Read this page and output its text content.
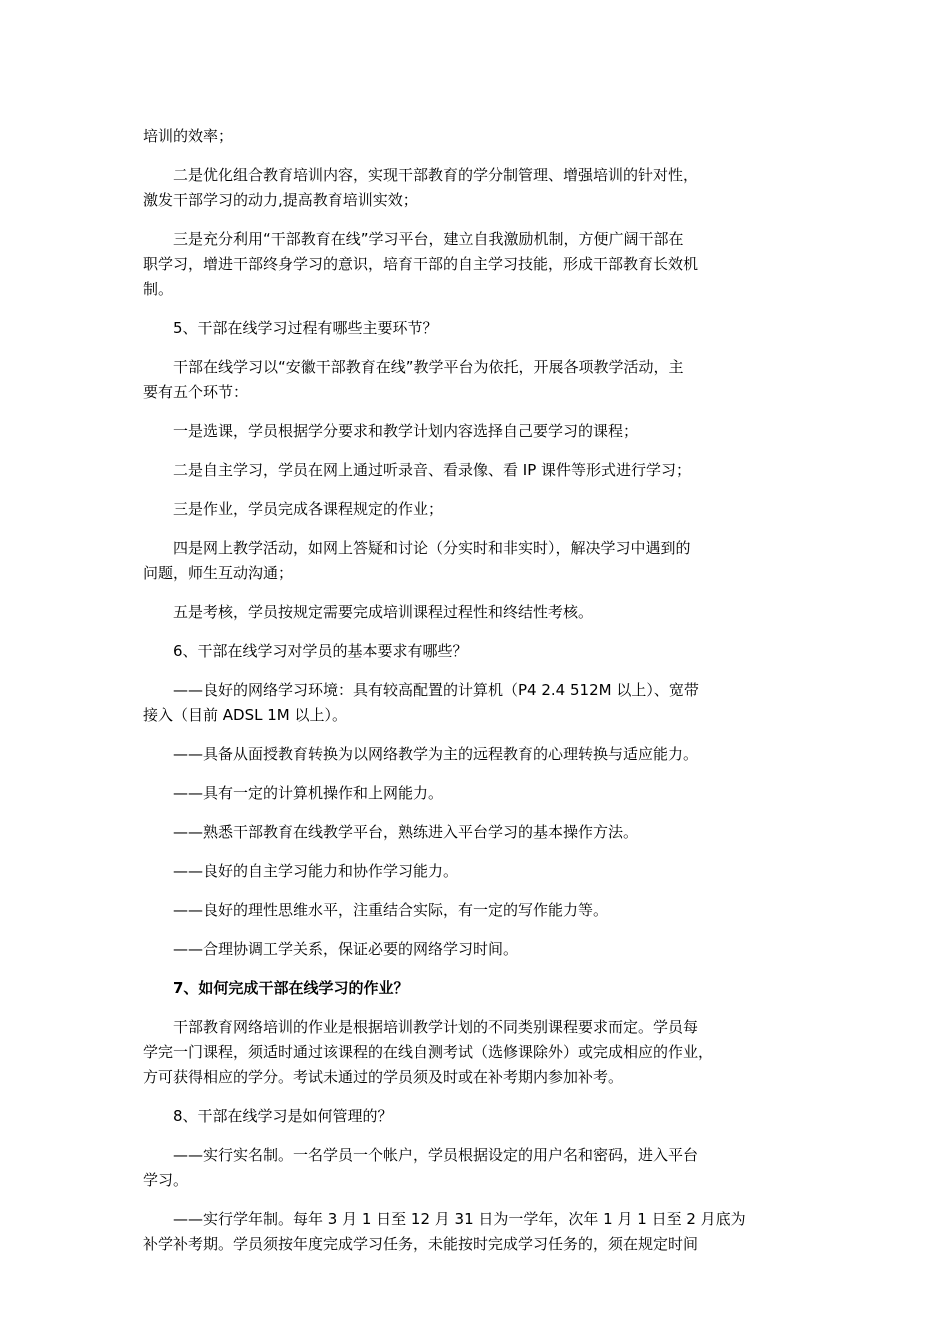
培训的效率；
二是优化组合教育培训内容，实现干部教育的学分制管理、增强培训的针对性，
激发干部学习的动力,提高教育培训实效；
三是充分利用“干部教育在线”学习平台，建立自我激励机制，方便广阔干部在
职学习，增进干部终身学习的意识，培育干部的自主学习技能，形成干部教育长效机
制。
5、干部在线学习过程有哪些主要环节？
干部在线学习以“安徽干部教育在线”教学平台为依托，开展各项教学活动，主
要有五个环节：
一是选课，学员根据学分要求和教学计划内容选择自己要学习的课程；
二是自主学习，学员在网上通过听录音、看录像、看 IP 课件等形式进行学习；
三是作业，学员完成各课程规定的作业；
四是网上教学活动，如网上答疑和讨论（分实时和非实时），解决学习中遇到的
问题，师生互动沟通；
五是考核，学员按规定需要完成培训课程过程性和终结性考核。
6、干部在线学习对学员的基本要求有哪些？
——良好的网络学习环境：具有较高配置的计算机（P4 2.4 512M 以上）、宽带
接入（目前 ADSL 1M 以上）。
——具备从面授教育转换为以网络教学为主的远程教育的心理转换与适应能力。
——具有一定的计算机操作和上网能力。
——熟悉干部教育在线教学平台，熟练进入平台学习的基本操作方法。
——良好的自主学习能力和协作学习能力。
——良好的理性思维水平，注重结合实际，有一定的写作能力等。
——合理协调工学关系，保证必要的网络学习时间。
7、如何完成干部在线学习的作业？
干部教育网络培训的作业是根据培训教学计划的不同类别课程要求而定。学员每
学完一门课程，须适时通过该课程的在线自测考试（选修课除外）或完成相应的作业，
方可获得相应的学分。考试未通过的学员须及时或在补考期内参加补考。
8、干部在线学习是如何管理的？
——实行实名制。一名学员一个帐户，学员根据设定的用户名和密码，进入平台
学习。
——实行学年制。每年 3 月 1 日至 12 月 31 日为一学年，次年 1 月 1 日至 2 月底为
补学补考期。学员须按年度完成学习任务，未能按时完成学习任务的，须在规定时间
